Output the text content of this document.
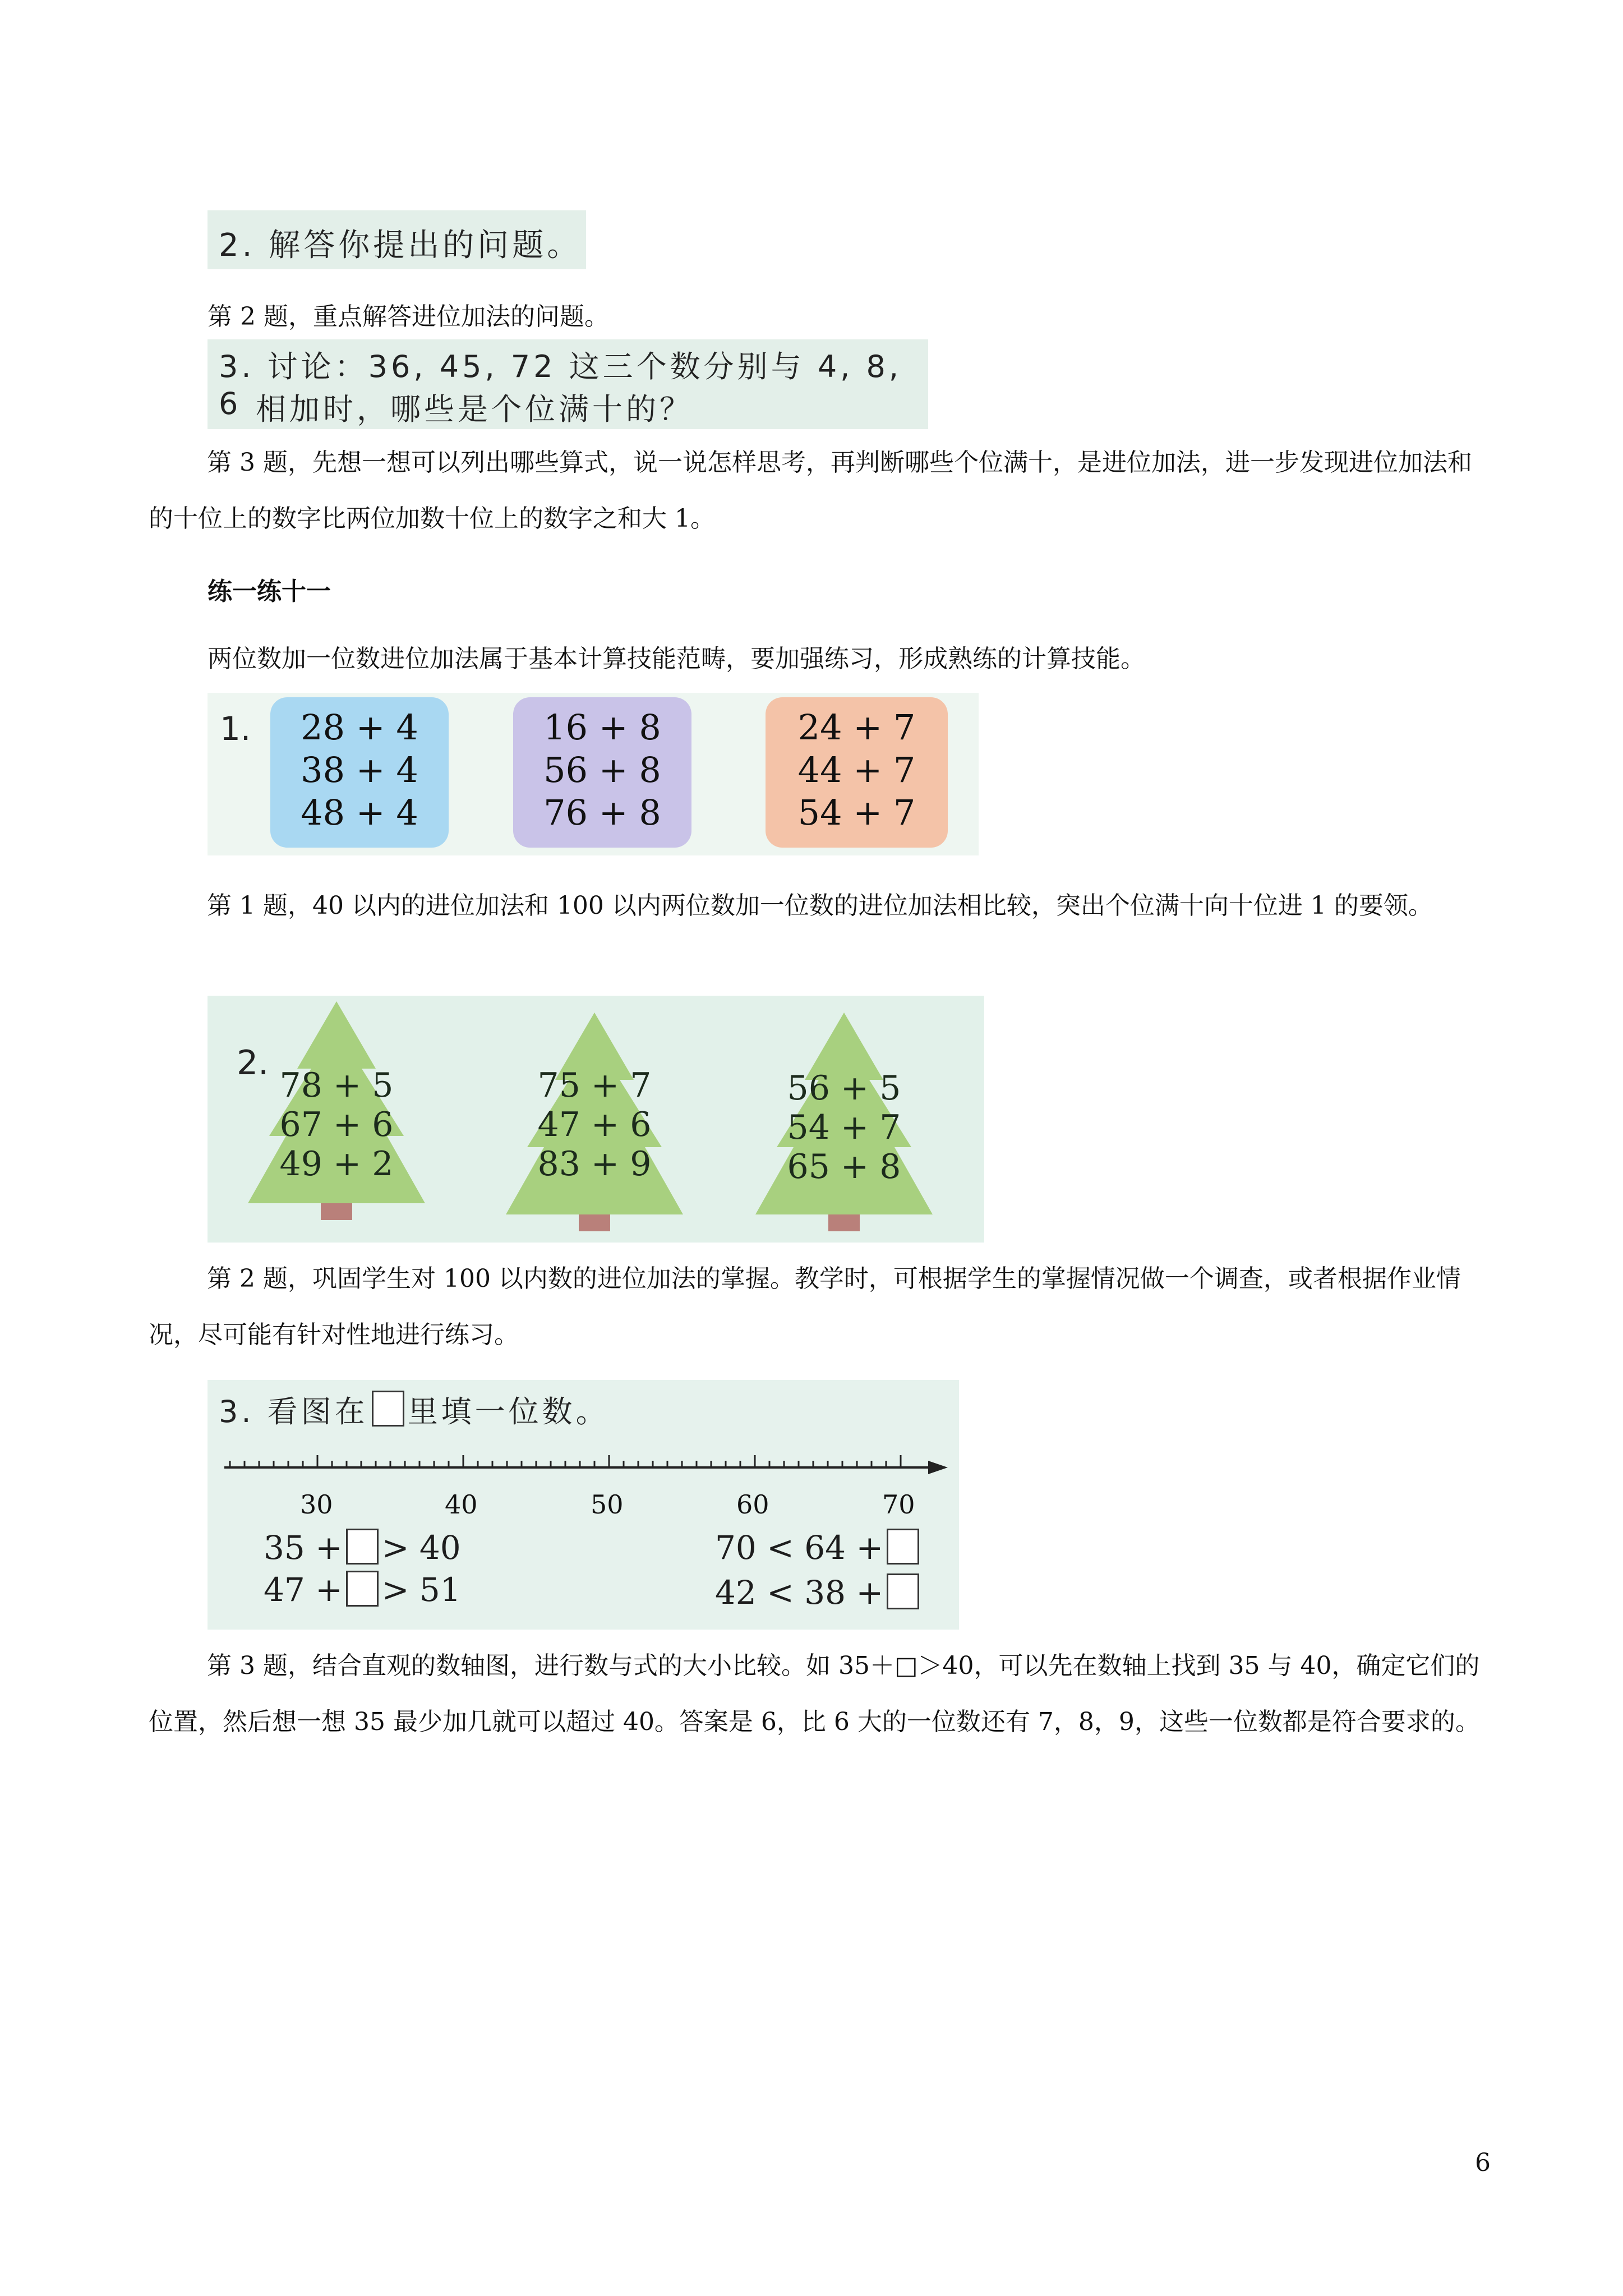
2. 解答你提出的问题。
第 2 题，重点解答进位加法的问题。
3. 讨论：36, 45, 72 这三个数分别与 4, 8, 6 相加时，哪些是个位满十的？
第 3 题，先想一想可以列出哪些算式，说一说怎样思考，再判断哪些个位满十，是进位加法，进一步发现进位加法和的十位上的数字比两位加数十位上的数字之和大 1。
练一练十一
两位数加一位数进位加法属于基本计算技能范畴，要加强练习，形成熟练的计算技能。
1.	28 + 4
38 + 4
48 + 4
16 + 8
56 + 8
76 + 8
24 + 7
44 + 7
54 + 7
第 1 题，40 以内的进位加法和 100 以内两位数加一位数的进位加法相比较，突出个位满十向十位进 1 的要领。
2.
78 + 5
67 + 6
49 + 2
75 + 7
47 + 6
83 + 9
56 + 5
54 + 7
65 + 8
第 2 题，巩固学生对 100 以内数的进位加法的掌握。教学时，可根据学生的掌握情况做一个调查，或者根据作业情况，尽可能有针对性地进行练习。
3. 看图在 里填一位数。
30	40	50	60	70
35 + > 40
47 + > 51
70 < 64 +
42 < 38 +
第 3 题，结合直观的数轴图，进行数与式的大小比较。如 35＋□＞40，可以先在数轴上找到 35 与 40，确定它们的位置，然后想一想 35 最少加几就可以超过 40。答案是 6，比 6 大的一位数还有 7，8，9，这些一位数都是符合要求的。
6
